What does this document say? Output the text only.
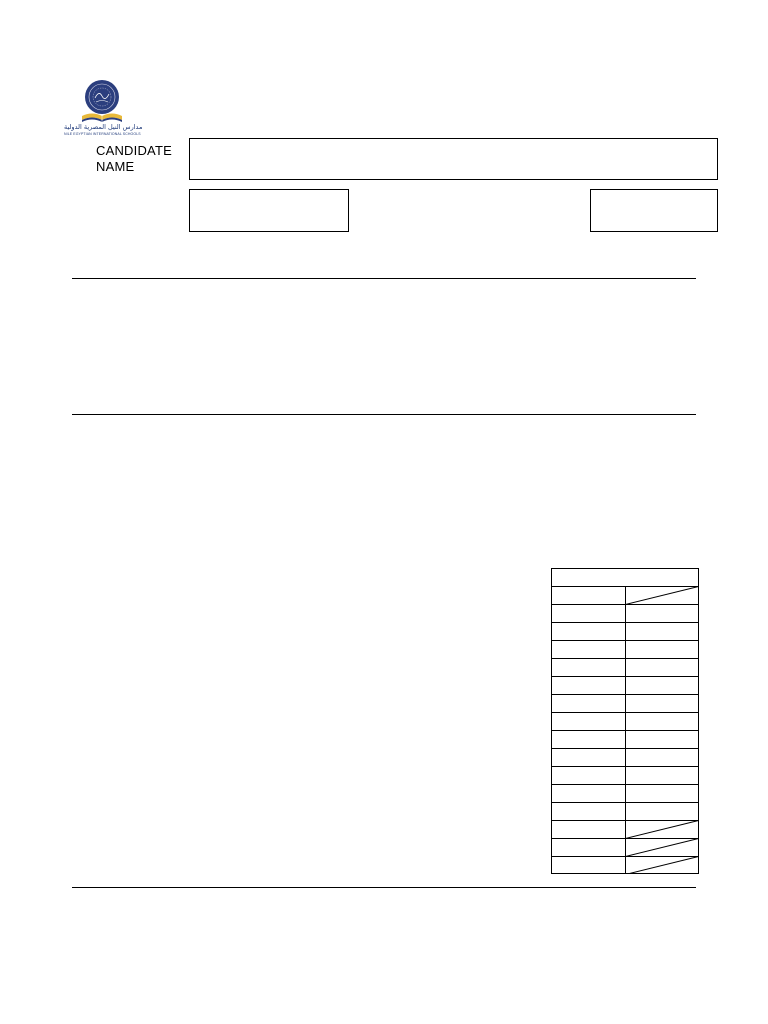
مدارس النيل المصرية الدولية
NILE EGYPTIAN INTERNATIONAL SCHOOLS
CANDIDATE
NAME
